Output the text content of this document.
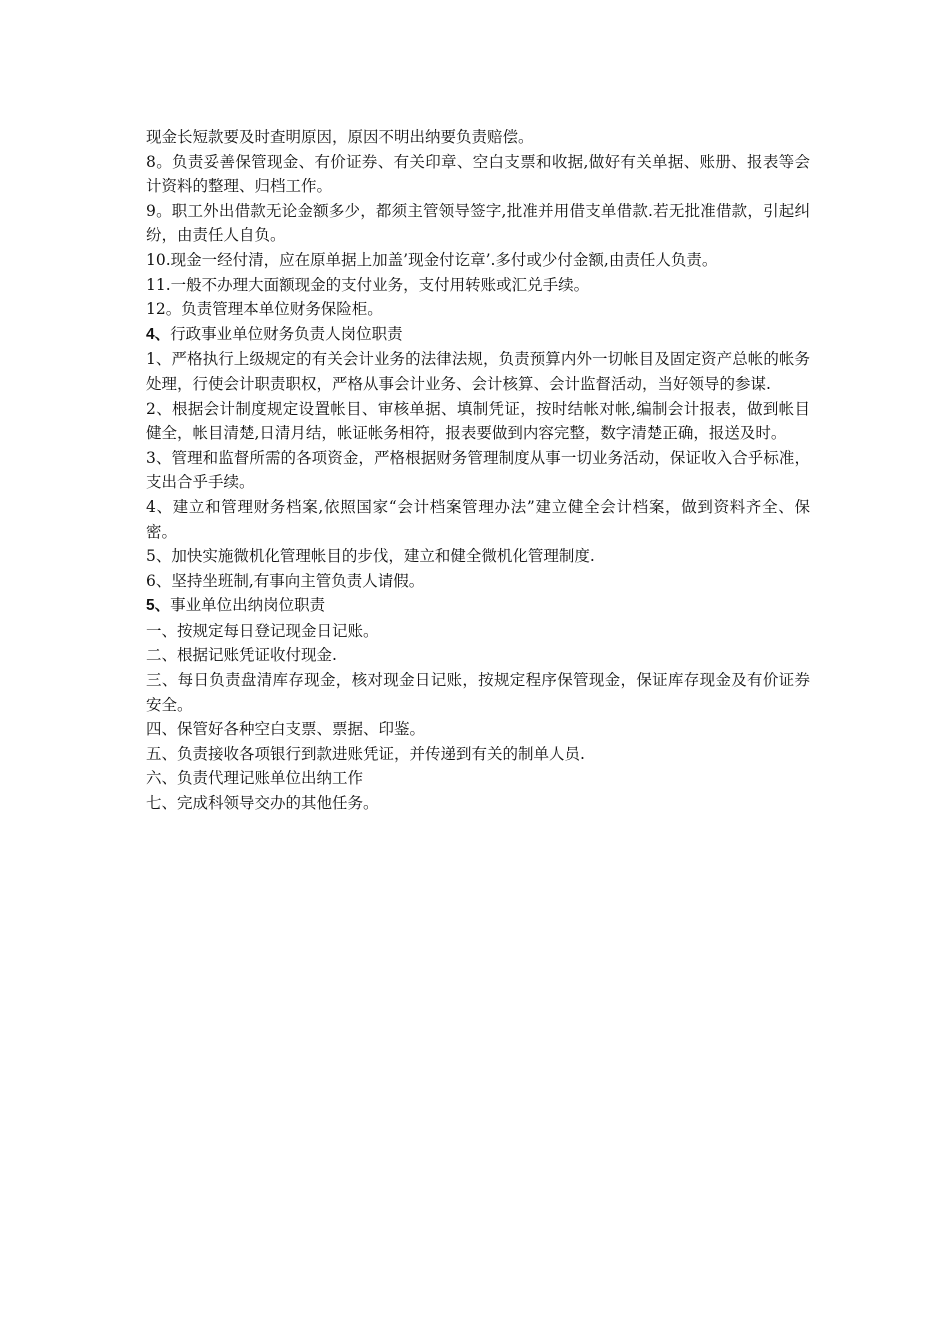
现金长短款要及时查明原因，原因不明出纳要负责赔偿。

8。负责妥善保管现金、有价证券、有关印章、空白支票和收据,做好有关单据、账册、报表等会计资料的整理、归档工作。

9。职工外出借款无论金额多少，都须主管领导签字,批准并用借支单借款.若无批准借款，引起纠纷，由责任人自负。

10.现金一经付清，应在原单据上加盖’现金付讫章’.多付或少付金额,由责任人负责。

11.一般不办理大面额现金的支付业务，支付用转账或汇兑手续。

12。负责管理本单位财务保险柜。

4、行政事业单位财务负责人岗位职责

1、严格执行上级规定的有关会计业务的法律法规，负责预算内外一切帐目及固定资产总帐的帐务处理，行使会计职责职权，严格从事会计业务、会计核算、会计监督活动，当好领导的参谋.

2、根据会计制度规定设置帐目、审核单据、填制凭证，按时结帐对帐,编制会计报表，做到帐目健全，帐目清楚,日清月结，帐证帐务相符，报表要做到内容完整，数字清楚正确，报送及时。

3、管理和监督所需的各项资金，严格根据财务管理制度从事一切业务活动，保证收入合乎标准，支出合乎手续。

4、建立和管理财务档案,依照国家“会计档案管理办法”建立健全会计档案，做到资料齐全、保密。

5、加快实施微机化管理帐目的步伐，建立和健全微机化管理制度.

6、坚持坐班制,有事向主管负责人请假。

5、事业单位出纳岗位职责

一、按规定每日登记现金日记账。

二、根据记账凭证收付现金.

三、每日负责盘清库存现金，核对现金日记账，按规定程序保管现金，保证库存现金及有价证券安全。

四、保管好各种空白支票、票据、印鉴。

五、负责接收各项银行到款进账凭证，并传递到有关的制单人员.

六、负责代理记账单位出纳工作

七、完成科领导交办的其他任务。
